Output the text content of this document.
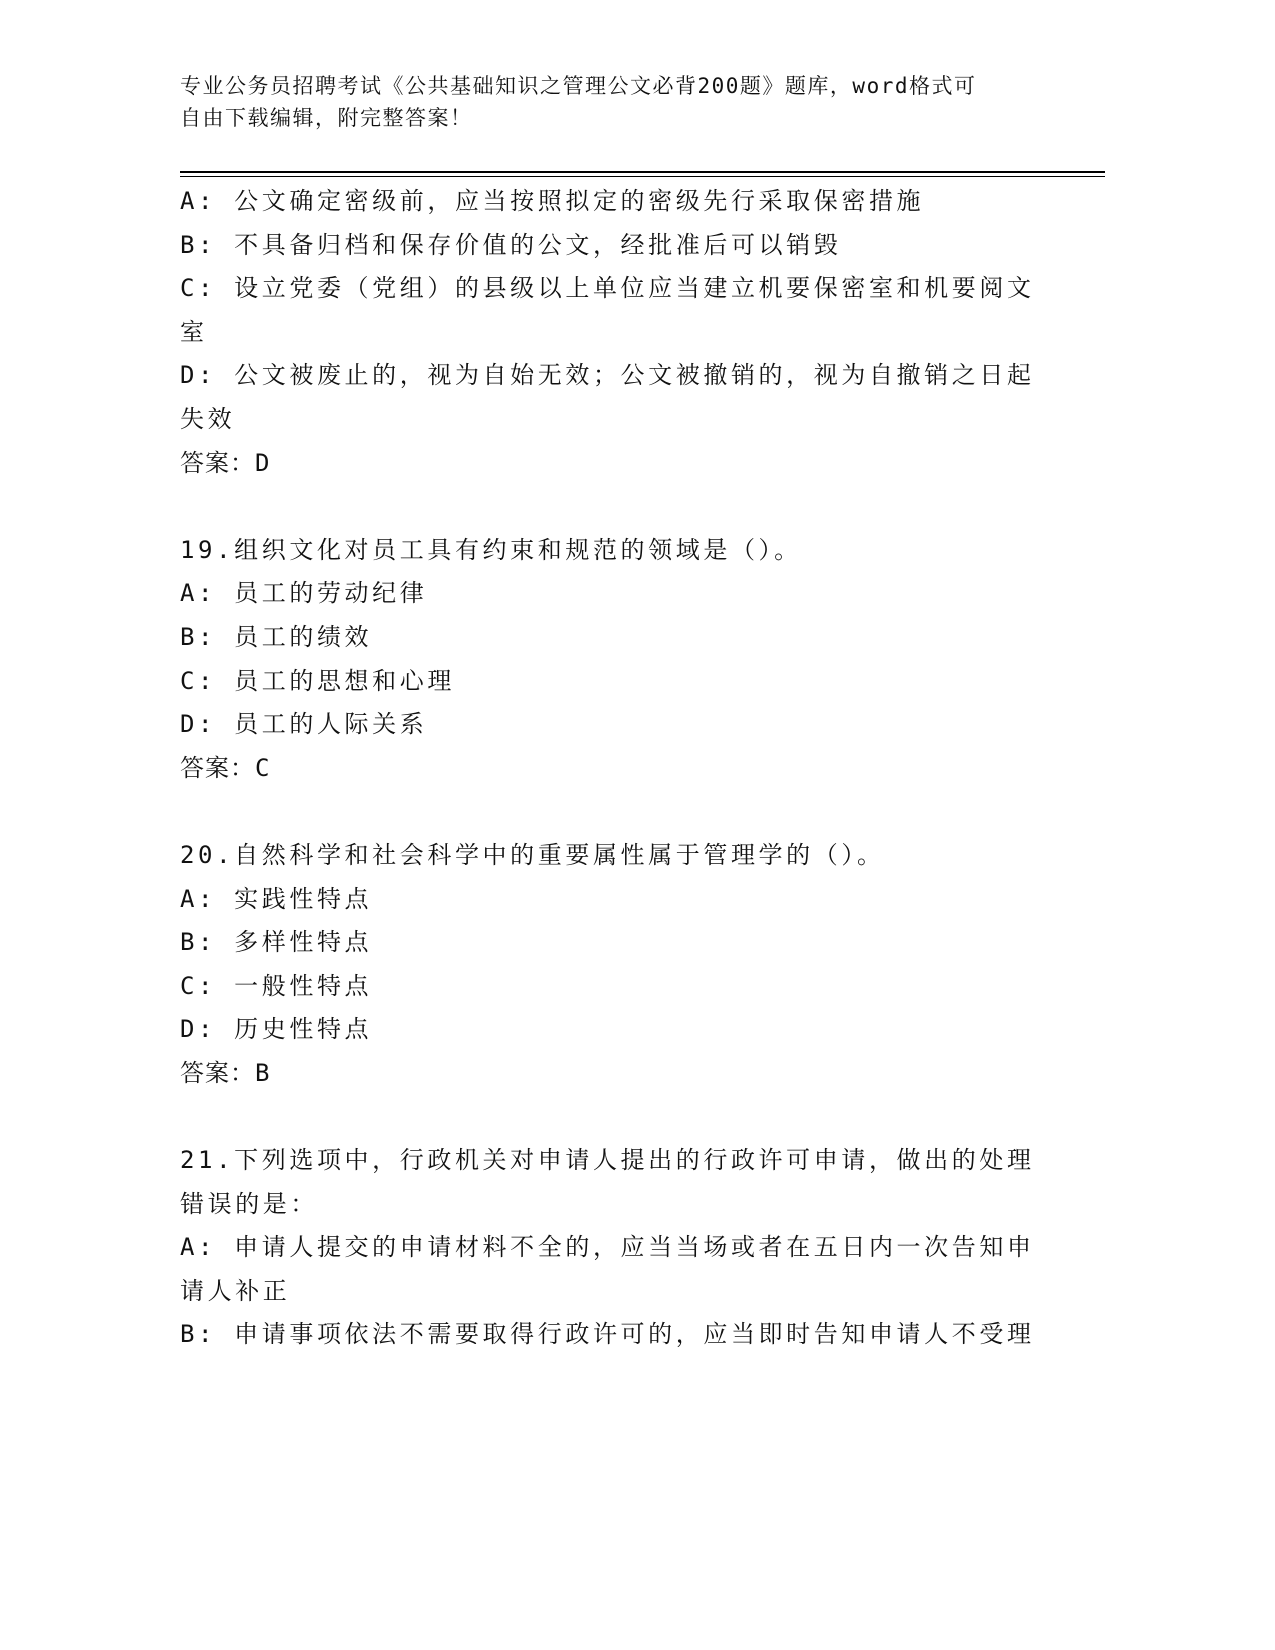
专业公务员招聘考试《公共基础知识之管理公文必背200题》题库，word格式可
自由下载编辑，附完整答案！

A: 公文确定密级前，应当按照拟定的密级先行采取保密措施

B: 不具备归档和保存价值的公文，经批准后可以销毁

C: 设立党委（党组）的县级以上单位应当建立机要保密室和机要阅文室

D: 公文被废止的，视为自始无效；公文被撤销的，视为自撤销之日起失效

答案：D

19.组织文化对员工具有约束和规范的领域是（）。

A: 员工的劳动纪律

B: 员工的绩效

C: 员工的思想和心理

D: 员工的人际关系

答案：C

20.自然科学和社会科学中的重要属性属于管理学的（）。

A: 实践性特点

B: 多样性特点

C: 一般性特点

D: 历史性特点

答案：B

21.下列选项中，行政机关对申请人提出的行政许可申请，做出的处理错误的是：

A: 申请人提交的申请材料不全的，应当当场或者在五日内一次告知申请人补正

B: 申请事项依法不需要取得行政许可的，应当即时告知申请人不受理
